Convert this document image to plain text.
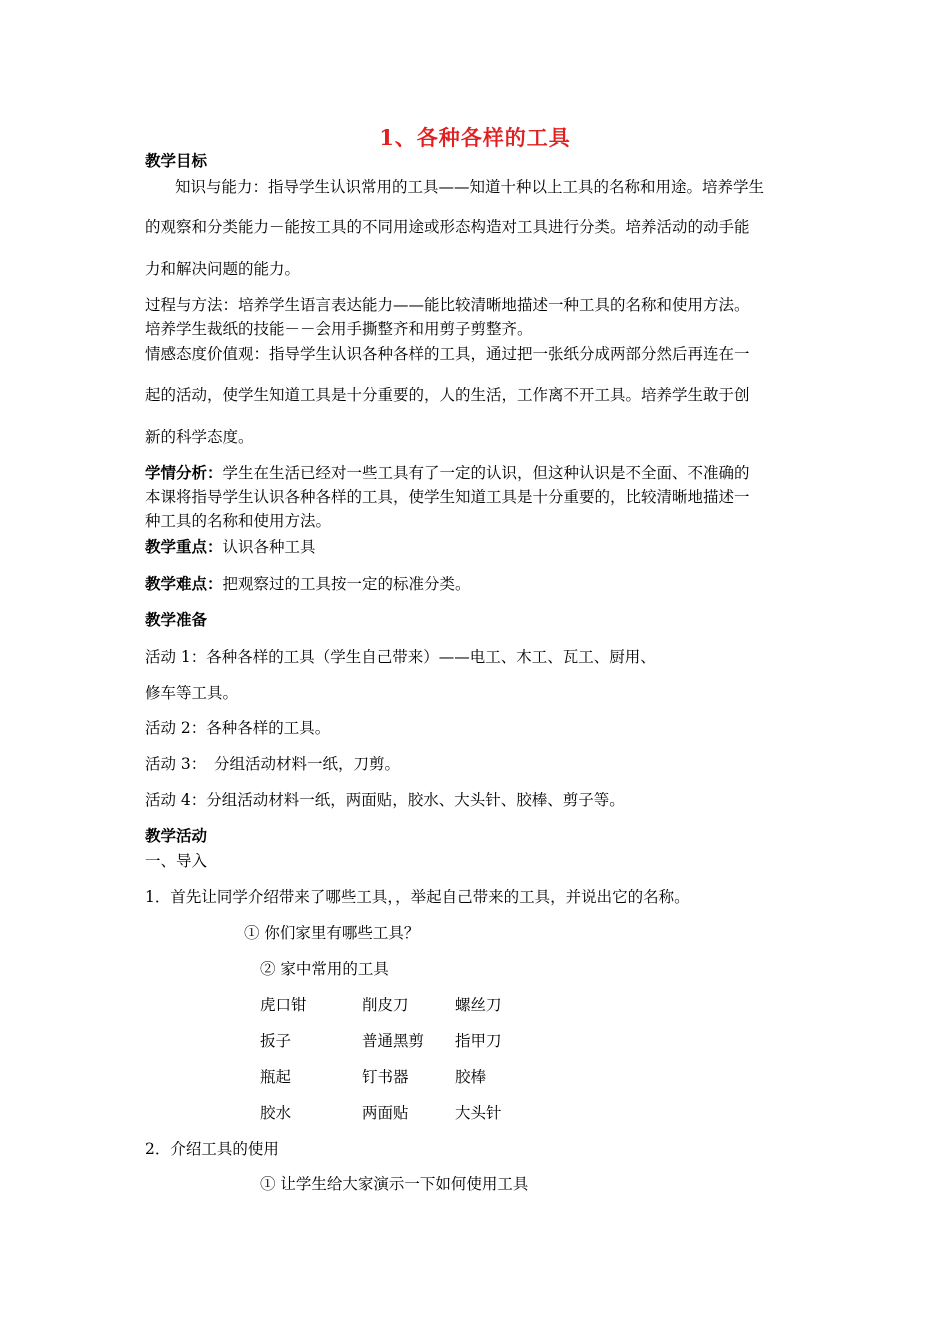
1、各种各样的工具
教学目标
知识与能力：指导学生认识常用的工具——知道十种以上工具的名称和用途。培养学生
的观察和分类能力－能按工具的不同用途或形态构造对工具进行分类。培养活动的动手能
力和解决问题的能力。
过程与方法：培养学生语言表达能力——能比较清晰地描述一种工具的名称和使用方法。
培养学生裁纸的技能－－会用手撕整齐和用剪子剪整齐。
情感态度价值观：指导学生认识各种各样的工具，通过把一张纸分成两部分然后再连在一
起的活动，使学生知道工具是十分重要的，人的生活，工作离不开工具。培养学生敢于创
新的科学态度。
学情分析：学生在生活已经对一些工具有了一定的认识，但这种认识是不全面、不准确的
本课将指导学生认识各种各样的工具，使学生知道工具是十分重要的，比较清晰地描述一
种工具的名称和使用方法。
教学重点：认识各种工具
教学难点：把观察过的工具按一定的标准分类。
教学准备
活动 1：各种各样的工具（学生自己带来）——电工、木工、瓦工、厨用、
修车等工具。
活动 2：各种各样的工具。
活动 3：　分组活动材料一纸，刀剪。
活动 4：分组活动材料一纸，两面贴，胶水、大头针、胶棒、剪子等。
教学活动
一、导入
1．首先让同学介绍带来了哪些工具，，举起自己带来的工具，并说出它的名称。
① 你们家里有哪些工具？
② 家中常用的工具
虎口钳	削皮刀	螺丝刀
扳子	普通黑剪 指甲刀
瓶起	钉书器	胶棒
胶水	两面贴	大头针
2．介绍工具的使用
① 让学生给大家演示一下如何使用工具
